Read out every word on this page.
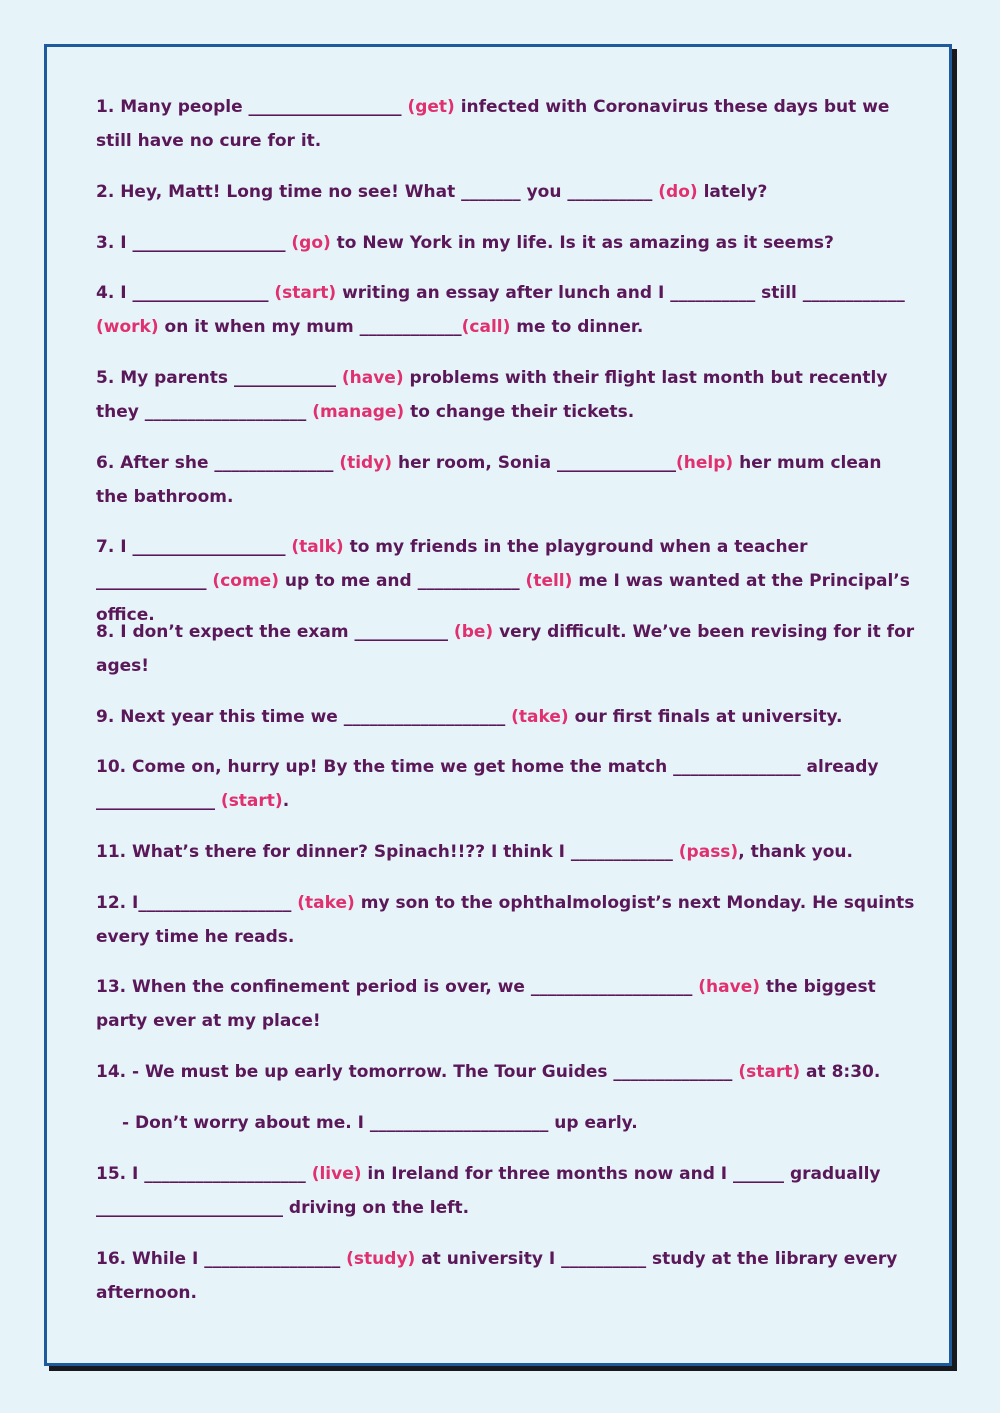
1. Many people __________________ (get) infected with Coronavirus these days but we still have no cure for it.
2. Hey, Matt! Long time no see! What _______ you __________ (do) lately?
3. I __________________ (go) to New York in my life. Is it as amazing as it seems?
4. I ________________ (start) writing an essay after lunch and I __________ still ____________ (work) on it when my mum ____________(call) me to dinner.
5. My parents ____________ (have) problems with their flight last month but recently they ___________________ (manage) to change their tickets.
6. After she ______________ (tidy) her room, Sonia ______________(help) her mum clean the bathroom.
7. I __________________ (talk) to my friends in the playground when a teacher _____________ (come) up to me and ____________ (tell) me I was wanted at the Principal’s office.
8. I don’t expect the exam ___________ (be) very difficult. We’ve been revising for it for ages!
9. Next year this time we ___________________ (take) our first finals at university.
10. Come on, hurry up! By the time we get home the match _______________ already ______________ (start).
11. What’s there for dinner? Spinach!!?? I think I ____________ (pass), thank you.
12. I__________________ (take) my son to the ophthalmologist’s next Monday. He squints every time he reads.
13. When the confinement period is over, we ___________________ (have) the biggest party ever at my place!
14. - We must be up early tomorrow. The Tour Guides ______________ (start) at 8:30.
- Don’t worry about me. I _____________________ up early.
15. I ___________________ (live) in Ireland for three months now and I ______ gradually ______________________ driving on the left.
16. While I ________________ (study) at university I __________ study at the library every afternoon.
